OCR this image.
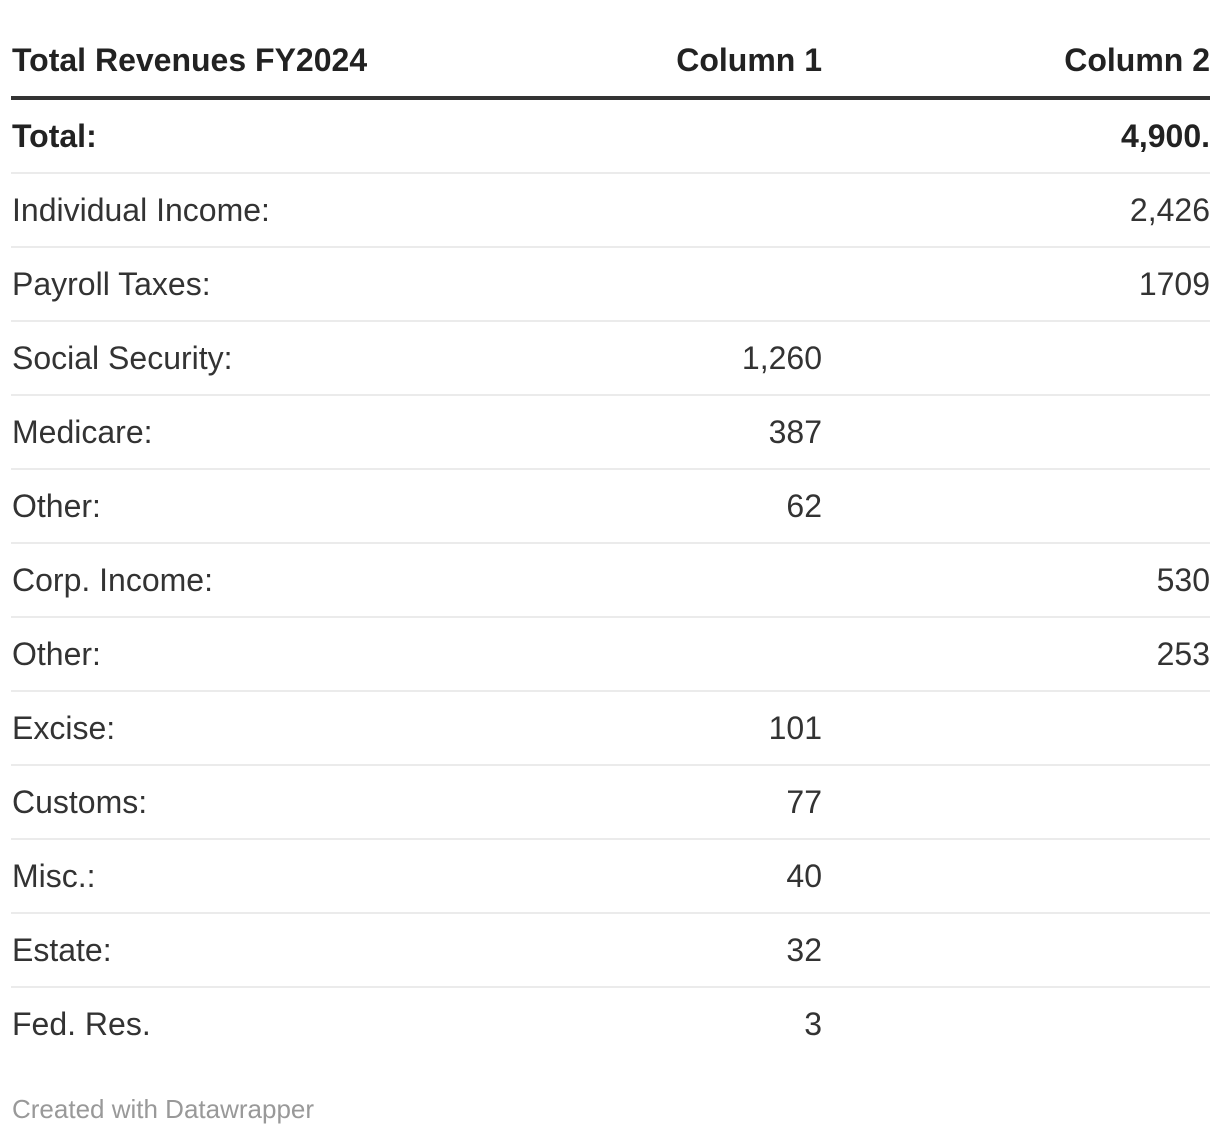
Total Revenues FY2024	Column 1	Column 2
Total:		4,900.
Individual Income:		2,426
Payroll Taxes:		1709
Social Security:	1,260	
Medicare:	387	
Other:	62	
Corp. Income:		530
Other:		253
Excise:	101	
Customs:	77	
Misc.:	40	
Estate:	32	
Fed. Res.	3	
Created with Datawrapper
